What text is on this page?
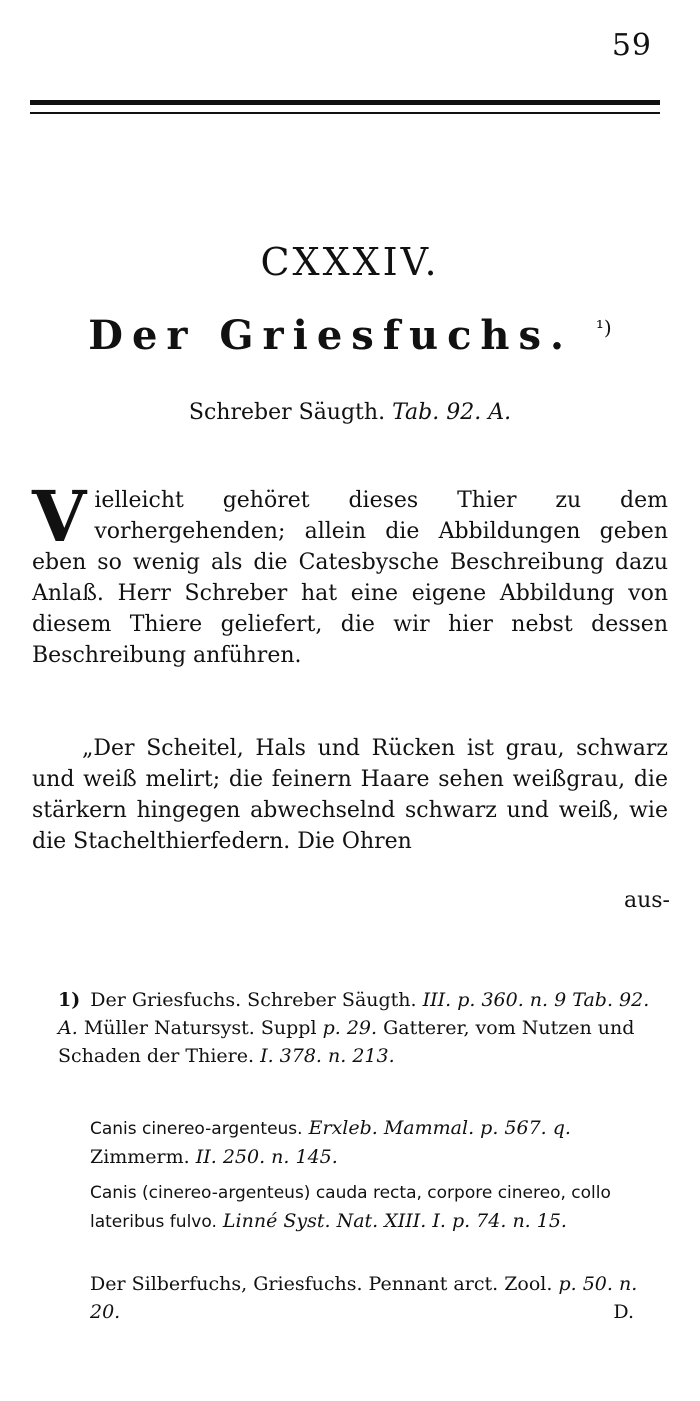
59
CXXXIV.
Der Griesfuchs. $^{^1)}$
Schreber Säugth. Tab. 92. A.
Vielleicht gehöret dieses Thier zu dem vorhergehenden; allein die Abbildungen geben eben so wenig als die Catesbysche Beschreibung dazu Anlaß. Herr Schreber hat eine eigene Abbildung von diesem Thiere geliefert, die wir hier nebst dessen Beschreibung anführen.
„Der Scheitel, Hals und Rücken ist grau, schwarz und weiß melirt; die feinern Haare sehen weißgrau, die stärkern hingegen abwechselnd schwarz und weiß, wie die Stachelthierfedern. Die Ohren
aus-
1) Der Griesfuchs. Schreber Säugth. III. p. 360. n. 9 Tab. 92. A. Müller Natursyst. Suppl p. 29. Gatterer, vom Nutzen und Schaden der Thiere. I. 378. n. 213.
Canis cinereo-argenteus. Erxleb. Mammal. p. 567. q.
Zimmerm. II. 250. n. 145.
Canis (cinereo-argenteus) cauda recta, corpore cinereo, collo lateribus fulvo. Linné Syst. Nat. XIII. I. p. 74. n. 15.
Der Silberfuchs, Griesfuchs. Pennant arct. Zool. p. 50. n. 20.	D.
